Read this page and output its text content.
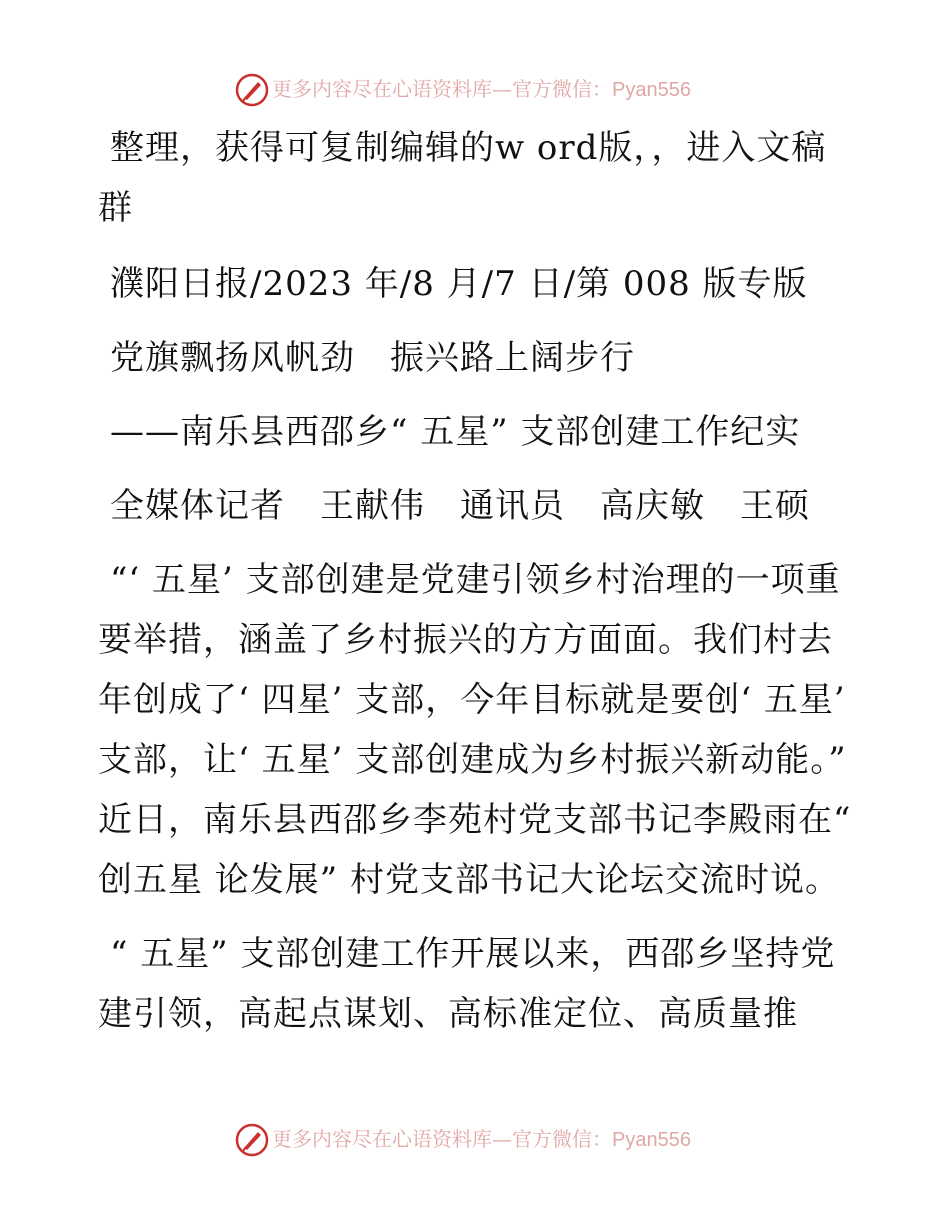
更多内容尽在心语资料库—官方微信：Pyan556

整理，获得可复制编辑的w ord版，，进入文稿群

濮阳日报/2023 年/8 月/7 日/第 008 版专版

党旗飘扬风帆劲　振兴路上阔步行

——南乐县西邵乡“ 五星” 支部创建工作纪实

全媒体记者　王献伟　通讯员　高庆敏　王硕

“‘ 五星’ 支部创建是党建引领乡村治理的一项重要举措，涵盖了乡村振兴的方方面面。我们村去年创成了‘ 四星’ 支部，今年目标就是要创‘ 五星’ 支部，让‘ 五星’ 支部创建成为乡村振兴新动能。” 近日，南乐县西邵乡李苑村党支部书记李殿雨在“ 创五星 论发展” 村党支部书记大论坛交流时说。

“ 五星” 支部创建工作开展以来，西邵乡坚持党建引领，高起点谋划、高标准定位、高质量推

更多内容尽在心语资料库—官方微信：Pyan556
